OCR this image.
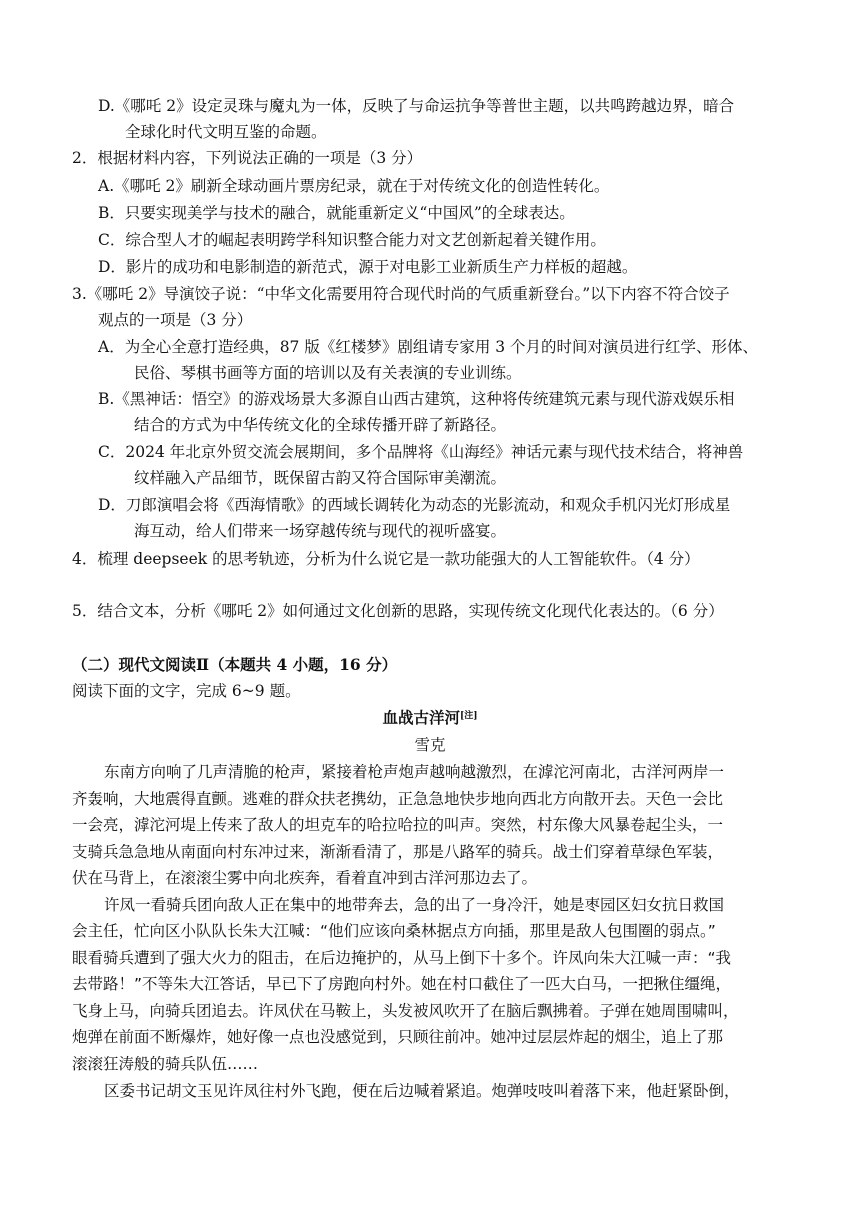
D.《哪吒 2》设定灵珠与魔丸为一体，反映了与命运抗争等普世主题，以共鸣跨越边界，暗合
全球化时代文明互鉴的命题。
2．根据材料内容，下列说法正确的一项是（3 分）
A.《哪吒 2》刷新全球动画片票房纪录，就在于对传统文化的创造性转化。
B．只要实现美学与技术的融合，就能重新定义“中国风”的全球表达。
C．综合型人才的崛起表明跨学科知识整合能力对文艺创新起着关键作用。
D．影片的成功和电影制造的新范式，源于对电影工业新质生产力样板的超越。
3.《哪吒 2》导演饺子说：“中华文化需要用符合现代时尚的气质重新登台。”以下内容不符合饺子
观点的一项是（3 分）
A．为全心全意打造经典，87 版《红楼梦》剧组请专家用 3 个月的时间对演员进行红学、形体、
民俗、琴棋书画等方面的培训以及有关表演的专业训练。
B.《黑神话：悟空》的游戏场景大多源自山西古建筑，这种将传统建筑元素与现代游戏娱乐相
结合的方式为中华传统文化的全球传播开辟了新路径。
C．2024 年北京外贸交流会展期间，多个品牌将《山海经》神话元素与现代技术结合，将神兽
纹样融入产品细节，既保留古韵又符合国际审美潮流。
D．刀郎演唱会将《西海情歌》的西域长调转化为动态的光影流动，和观众手机闪光灯形成星
海互动，给人们带来一场穿越传统与现代的视听盛宴。
4．梳理 deepseek 的思考轨迹，分析为什么说它是一款功能强大的人工智能软件。（4 分）
5．结合文本，分析《哪吒 2》如何通过文化创新的思路，实现传统文化现代化表达的。（6 分）
（二）现代文阅读Ⅱ（本题共 4 小题，16 分）
阅读下面的文字，完成 6~9 题。
血战古洋河[注]
雪克
东南方向响了几声清脆的枪声，紧接着枪声炮声越响越激烈，在滹沱河南北，古洋河两岸一
齐轰响，大地震得直颤。逃难的群众扶老携幼，正急急地快步地向西北方向散开去。天色一会比
一会亮，滹沱河堤上传来了敌人的坦克车的哈拉哈拉的叫声。突然，村东像大风暴卷起尘头，一
支骑兵急急地从南面向村东冲过来，渐渐看清了，那是八路军的骑兵。战士们穿着草绿色军装，
伏在马背上，在滚滚尘雾中向北疾奔，看着直冲到古洋河那边去了。
许凤一看骑兵团向敌人正在集中的地带奔去，急的出了一身冷汗，她是枣园区妇女抗日救国
会主任，忙向区小队队长朱大江喊：“他们应该向桑林据点方向插，那里是敌人包围圈的弱点。”
眼看骑兵遭到了强大火力的阻击，在后边掩护的，从马上倒下十多个。许凤向朱大江喊一声：“我
去带路！”不等朱大江答话，早已下了房跑向村外。她在村口截住了一匹大白马，一把揪住缰绳，
飞身上马，向骑兵团追去。许凤伏在马鞍上，头发被风吹开了在脑后飘拂着。子弹在她周围啸叫，
炮弹在前面不断爆炸，她好像一点也没感觉到，只顾往前冲。她冲过层层炸起的烟尘，追上了那
滚滚狂涛般的骑兵队伍……
区委书记胡文玉见许凤往村外飞跑，便在后边喊着紧追。炮弹吱吱叫着落下来，他赶紧卧倒，
